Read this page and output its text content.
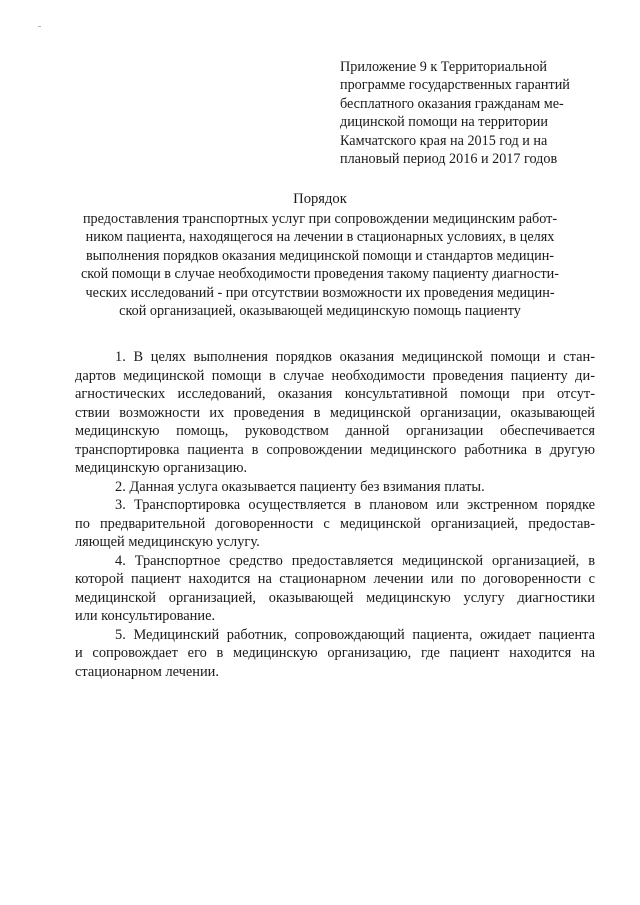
Приложение 9 к Территориальной
программе государственных гарантий
бесплатного оказания гражданам ме-
дицинской помощи на территории
Камчатского края на 2015 год и на
плановый период 2016 и 2017 годов
Порядок
предоставления транспортных услуг при сопровождении медицинским работ-
ником пациента, находящегося на лечении в стационарных условиях, в целях
выполнения порядков оказания медицинской помощи и стандартов медицин-
ской помощи в случае необходимости проведения такому пациенту диагности-
ческих исследований - при отсутствии возможности их проведения медицин-
ской организацией, оказывающей медицинскую помощь пациенту
1. В целях выполнения порядков оказания медицинской помощи и стан-
дартов медицинской помощи в случае необходимости проведения пациенту ди-
агностических исследований, оказания консультативной помощи при отсут-
ствии возможности их проведения в медицинской организации, оказывающей
медицинскую помощь, руководством данной организации обеспечивается
транспортировка пациента в сопровождении медицинского работника в другую
медицинскую организацию.
2. Данная услуга оказывается пациенту без взимания платы.
3. Транспортировка осуществляется в плановом или экстренном порядке
по предварительной договоренности с медицинской организацией, предостав-
ляющей медицинскую услугу.
4. Транспортное средство предоставляется медицинской организацией, в
которой пациент находится на стационарном лечении или по договоренности с
медицинской организацией, оказывающей медицинскую услугу диагностики
или консультирование.
5. Медицинский работник, сопровождающий пациента, ожидает пациента
и сопровождает его в медицинскую организацию, где пациент находится на
стационарном лечении.
